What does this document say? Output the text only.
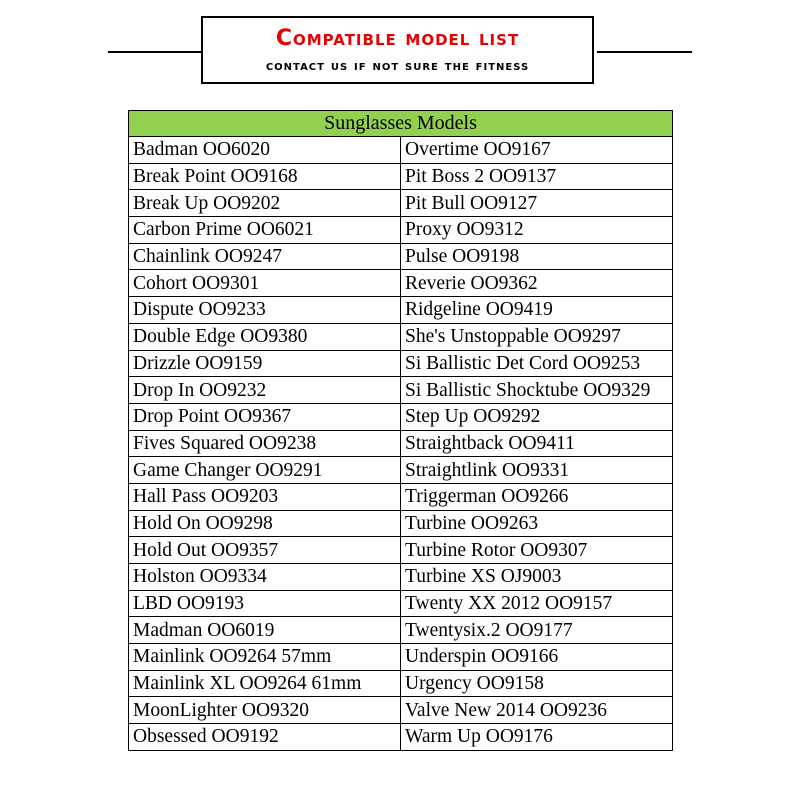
Compatible model list
contact us if not sure the fitness
Sunglasses Models	
Badman OO6020	Overtime OO9167
Break Point OO9168	Pit Boss 2 OO9137
Break Up OO9202	Pit Bull OO9127
Carbon Prime OO6021	Proxy OO9312
Chainlink OO9247	Pulse OO9198
Cohort OO9301	Reverie OO9362
Dispute OO9233	Ridgeline OO9419
Double Edge OO9380	She's Unstoppable OO9297
Drizzle OO9159	Si Ballistic Det Cord OO9253
Drop In OO9232	Si Ballistic Shocktube OO9329
Drop Point OO9367	Step Up OO9292
Fives Squared OO9238	Straightback OO9411
Game Changer OO9291	Straightlink OO9331
Hall Pass OO9203	Triggerman OO9266
Hold On OO9298	Turbine OO9263
Hold Out OO9357	Turbine Rotor OO9307
Holston OO9334	Turbine XS OJ9003
LBD OO9193	Twenty XX 2012 OO9157
Madman OO6019	Twentysix.2 OO9177
Mainlink OO9264 57mm	Underspin OO9166
Mainlink XL OO9264 61mm	Urgency OO9158
MoonLighter OO9320	Valve New 2014 OO9236
Obsessed OO9192	Warm Up OO9176
